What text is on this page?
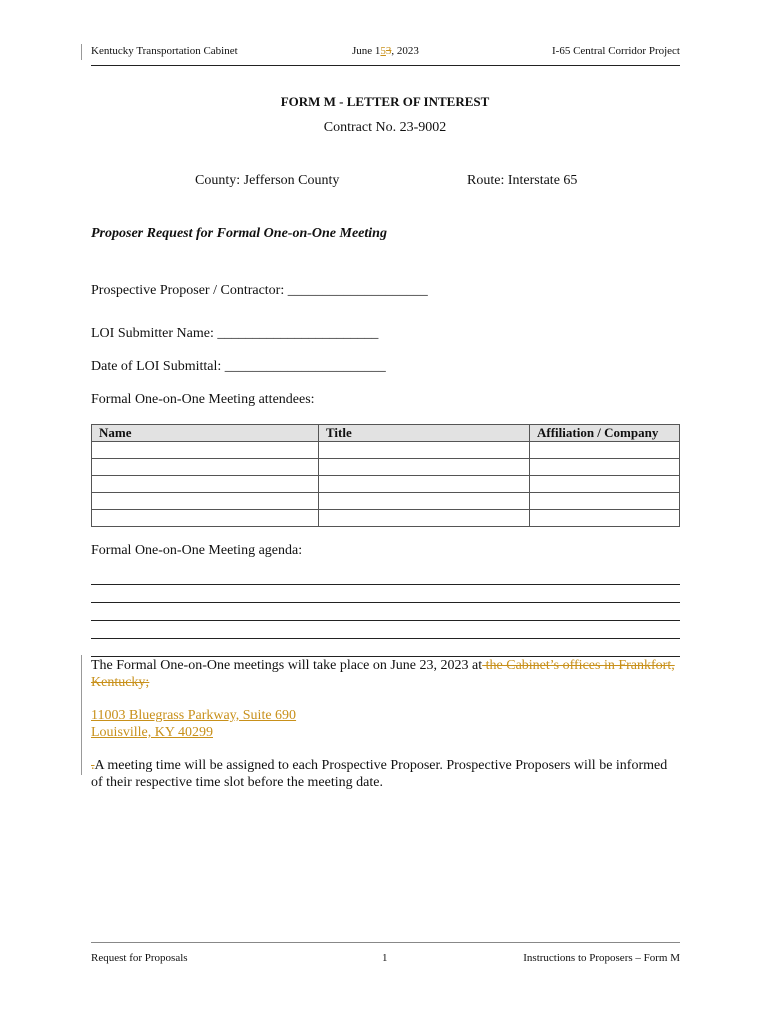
Kentucky Transportation Cabinet	June 153, 2023	I-65 Central Corridor Project
FORM M - LETTER OF INTEREST
Contract No. 23-9002
County: Jefferson County	Route: Interstate 65
Proposer Request for Formal One-on-One Meeting
Prospective Proposer / Contractor: ____________________
LOI Submitter Name: _______________________
Date of LOI Submittal: _______________________
Formal One-on-One Meeting attendees:
Name	Title	Affiliation / Company

Formal One-on-One Meeting agenda:
The Formal One-on-One meetings will take place on June 23, 2023 at the Cabinet’s offices in Frankfort, Kentucky;
11003 Bluegrass Parkway, Suite 690
Louisville, KY 40299
.A meeting time will be assigned to each Prospective Proposer. Prospective Proposers will be informed of their respective time slot before the meeting date.
Request for Proposals	1	Instructions to Proposers – Form M
